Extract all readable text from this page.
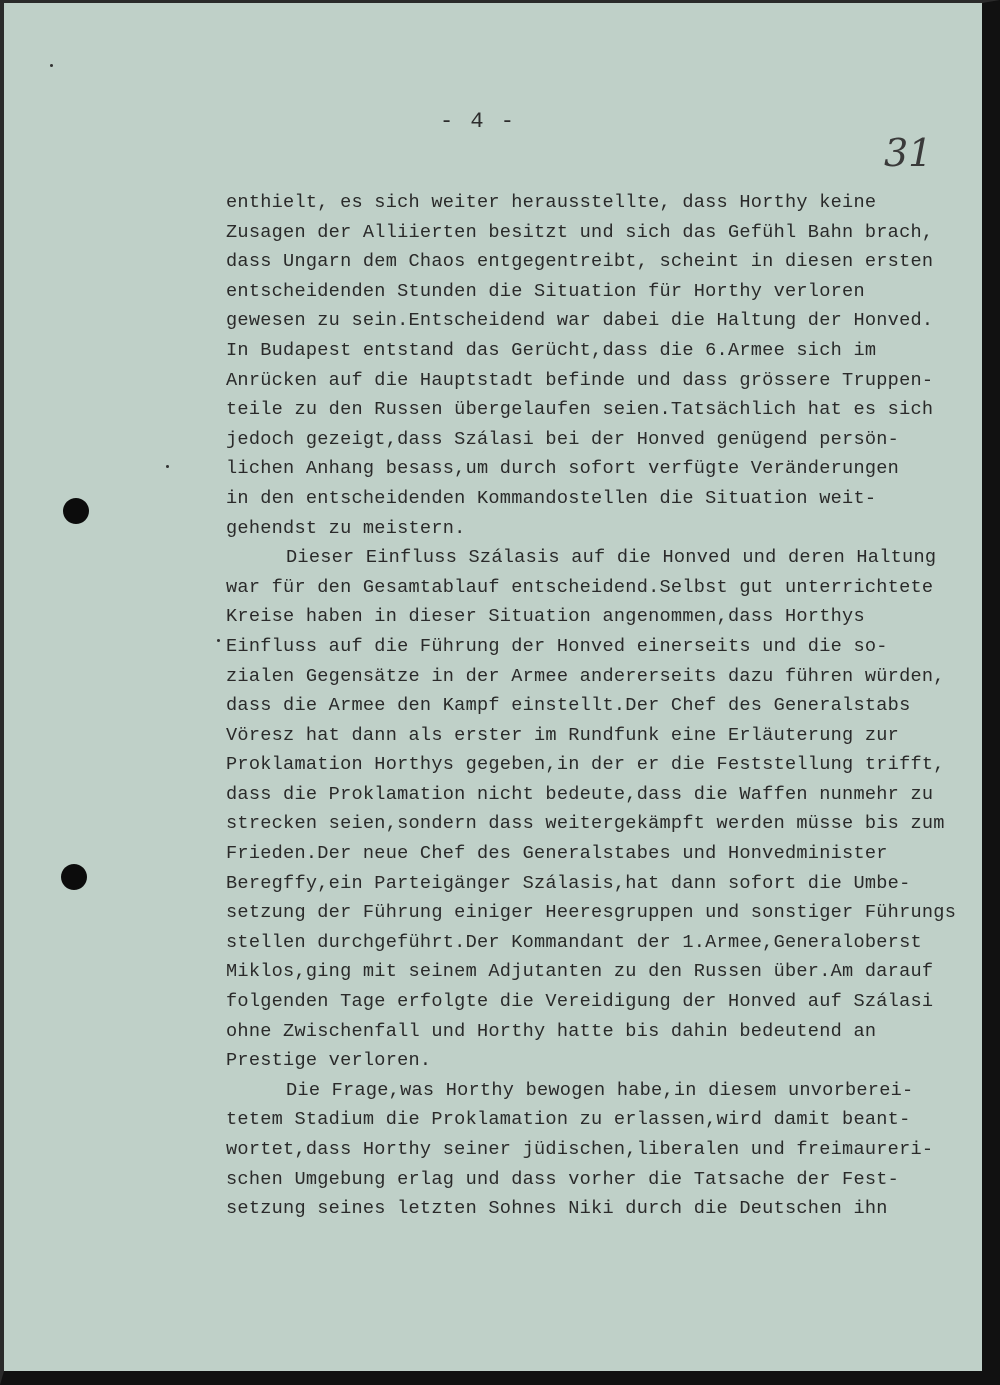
- 4 -
31
enthielt, es sich weiter herausstellte, dass Horthy keine
Zusagen der Alliierten besitzt und sich das Gefühl Bahn brach,
dass Ungarn dem Chaos entgegentreibt, scheint in diesen ersten
entscheidenden Stunden die Situation für Horthy verloren
gewesen zu sein.Entscheidend war dabei die Haltung der Honved.
In Budapest entstand das Gerücht,dass die 6.Armee sich im
Anrücken auf die Hauptstadt befinde und dass grössere Truppen-
teile zu den Russen übergelaufen seien.Tatsächlich hat es sich
jedoch gezeigt,dass Szálasi bei der Honved genügend persön-
lichen Anhang besass,um durch sofort verfügte Veränderungen
in den entscheidenden Kommandostellen die Situation weit-
gehendst zu meistern.
Dieser Einfluss Szálasis auf die Honved und deren Haltung
war für den Gesamtablauf entscheidend.Selbst gut unterrichtete
Kreise haben in dieser Situation angenommen,dass Horthys
Einfluss auf die Führung der Honved einerseits und die so-
zialen Gegensätze in der Armee andererseits dazu führen würden,
dass die Armee den Kampf einstellt.Der Chef des Generalstabs
Vöresz hat dann als erster im Rundfunk eine Erläuterung zur
Proklamation Horthys gegeben,in der er die Feststellung trifft,
dass die Proklamation nicht bedeute,dass die Waffen nunmehr zu
strecken seien,sondern dass weitergekämpft werden müsse bis zum
Frieden.Der neue Chef des Generalstabes und Honvedminister
Beregffy,ein Parteigänger Szálasis,hat dann sofort die Umbe-
setzung der Führung einiger Heeresgruppen und sonstiger Führungs
stellen durchgeführt.Der Kommandant der 1.Armee,Generaloberst
Miklos,ging mit seinem Adjutanten zu den Russen über.Am darauf
folgenden Tage erfolgte die Vereidigung der Honved auf Szálasi
ohne Zwischenfall und Horthy hatte bis dahin bedeutend an
Prestige verloren.
Die Frage,was Horthy bewogen habe,in diesem unvorberei-
tetem Stadium die Proklamation zu erlassen,wird damit beant-
wortet,dass Horthy seiner jüdischen,liberalen und freimaureri-
schen Umgebung erlag und dass vorher die Tatsache der Fest-
setzung seines letzten Sohnes Niki durch die Deutschen ihn
